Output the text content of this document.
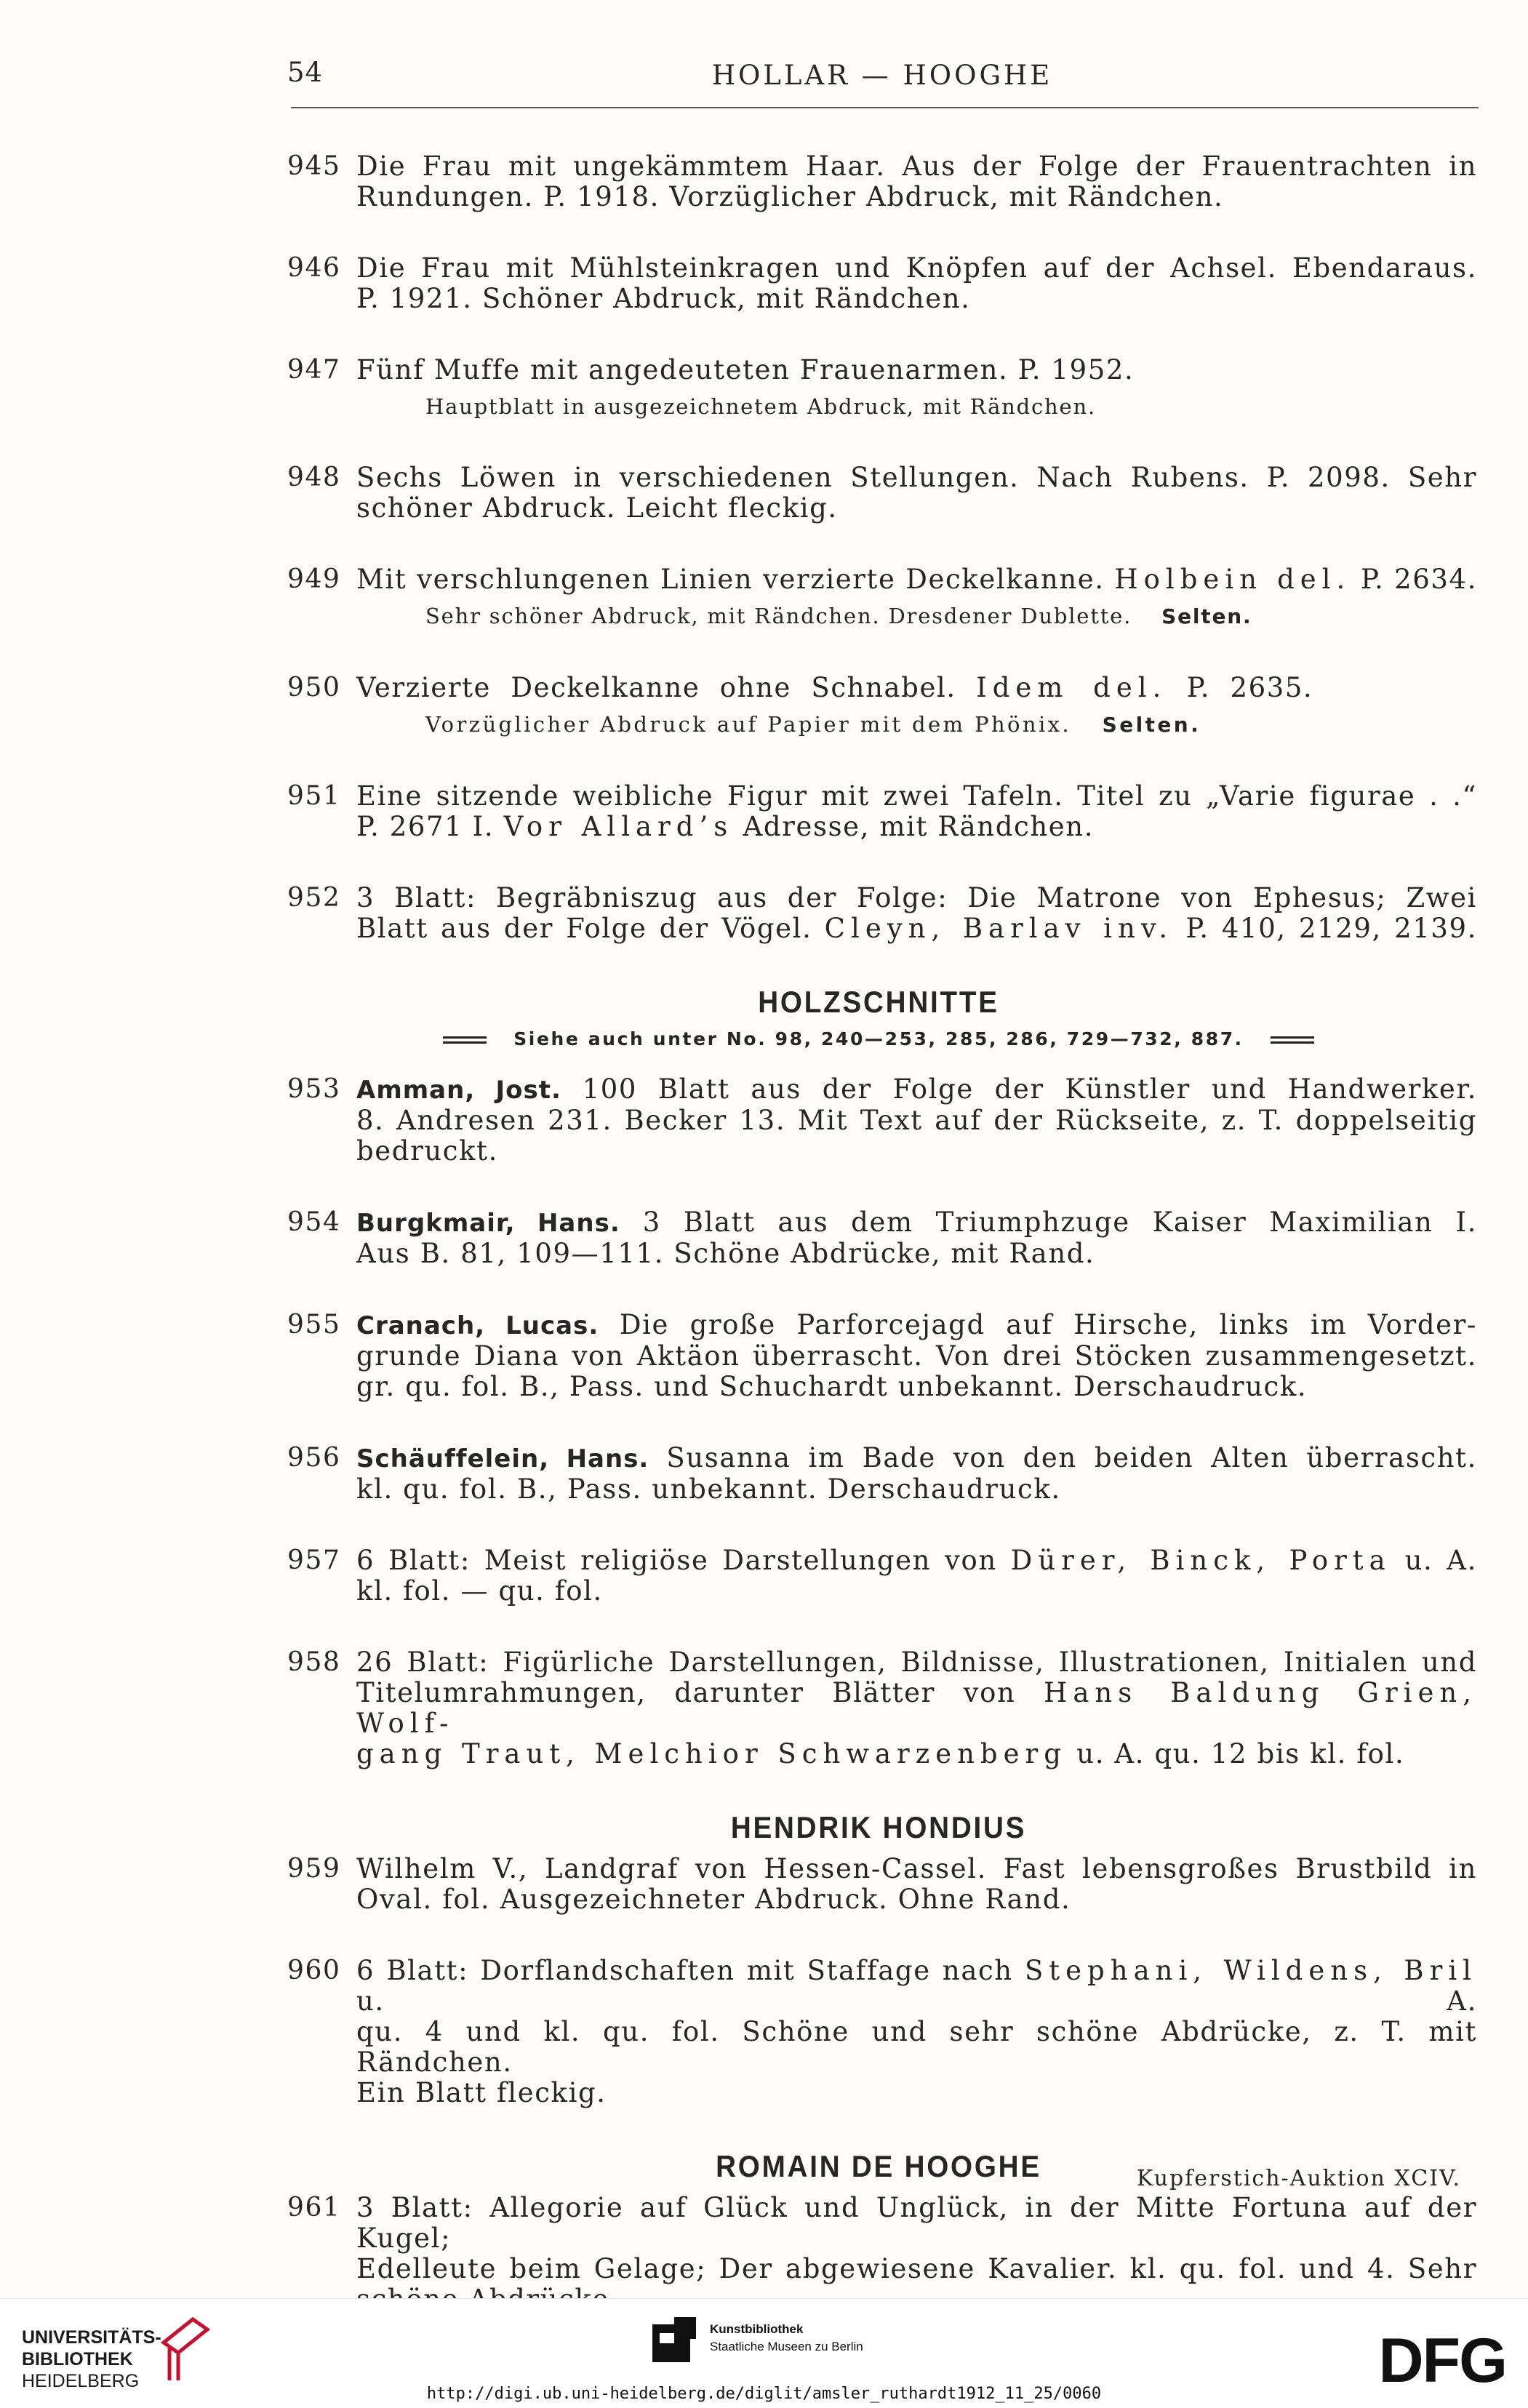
54	HOLLAR — HOOGHE
945 Die Frau mit ungekämmtem Haar. Aus der Folge der Frauentrachten in
Rundungen. P. 1918. Vorzüglicher Abdruck, mit Rändchen.
946 Die Frau mit Mühlsteinkragen und Knöpfen auf der Achsel. Ebendaraus.
P. 1921. Schöner Abdruck, mit Rändchen.
947 Fünf Muffe mit angedeuteten Frauenarmen. P. 1952.
Hauptblatt in ausgezeichnetem Abdruck, mit Rändchen.
948 Sechs Löwen in verschiedenen Stellungen. Nach Rubens. P. 2098. Sehr
schöner Abdruck. Leicht fleckig.
949 Mit verschlungenen Linien verzierte Deckelkanne. Holbein del. P. 2634.
Sehr schöner Abdruck, mit Rändchen. Dresdener Dublette. Selten.
950 Verzierte Deckelkanne ohne Schnabel. Idem del. P. 2635.
Vorzüglicher Abdruck auf Papier mit dem Phönix. Selten.
951 Eine sitzende weibliche Figur mit zwei Tafeln. Titel zu „Varie figurae . .“
P. 2671 I. Vor Allard’s Adresse, mit Rändchen.
952 3 Blatt: Begräbniszug aus der Folge: Die Matrone von Ephesus; Zwei
Blatt aus der Folge der Vögel. Cleyn, Barlav inv. P. 410, 2129, 2139.
HOLZSCHNITTE
Siehe auch unter No. 98, 240—253, 285, 286, 729—732, 887.
953 Amman, Jost. 100 Blatt aus der Folge der Künstler und Handwerker.
8. Andresen 231. Becker 13. Mit Text auf der Rückseite, z. T. doppelseitig
bedruckt.
954 Burgkmair, Hans. 3 Blatt aus dem Triumphzuge Kaiser Maximilian I.
Aus B. 81, 109—111. Schöne Abdrücke, mit Rand.
955 Cranach, Lucas. Die große Parforcejagd auf Hirsche, links im Vorder-
grunde Diana von Aktäon überrascht. Von drei Stöcken zusammengesetzt.
gr. qu. fol. B., Pass. und Schuchardt unbekannt. Derschaudruck.
956 Schäuffelein, Hans. Susanna im Bade von den beiden Alten überrascht.
kl. qu. fol. B., Pass. unbekannt. Derschaudruck.
957 6 Blatt: Meist religiöse Darstellungen von Dürer, Binck, Porta u. A.
kl. fol. — qu. fol.
958 26 Blatt: Figürliche Darstellungen, Bildnisse, Illustrationen, Initialen und
Titelumrahmungen, darunter Blätter von Hans Baldung Grien, Wolf-
gang Traut, Melchior Schwarzenberg u. A. qu. 12 bis kl. fol.
HENDRIK HONDIUS
959 Wilhelm V., Landgraf von Hessen-Cassel. Fast lebensgroßes Brustbild in
Oval. fol. Ausgezeichneter Abdruck. Ohne Rand.
960 6 Blatt: Dorflandschaften mit Staffage nach Stephani, Wildens, Bril u. A.
qu. 4 und kl. qu. fol. Schöne und sehr schöne Abdrücke, z. T. mit Rändchen.
Ein Blatt fleckig.
ROMAIN DE HOOGHE
961 3 Blatt: Allegorie auf Glück und Unglück, in der Mitte Fortuna auf der Kugel;
Edelleute beim Gelage; Der abgewiesene Kavalier. kl. qu. fol. und 4. Sehr
Kupferstich-Auktion XCIV.
UNIVERSITÄTS-
BIBLIOTHEK
HEIDELBERG
Kunstbibliothek
Staatliche Museen zu Berlin	DFG
http://digi.ub.uni-heidelberg.de/diglit/amsler_ruthardt1912_11_25/0060
